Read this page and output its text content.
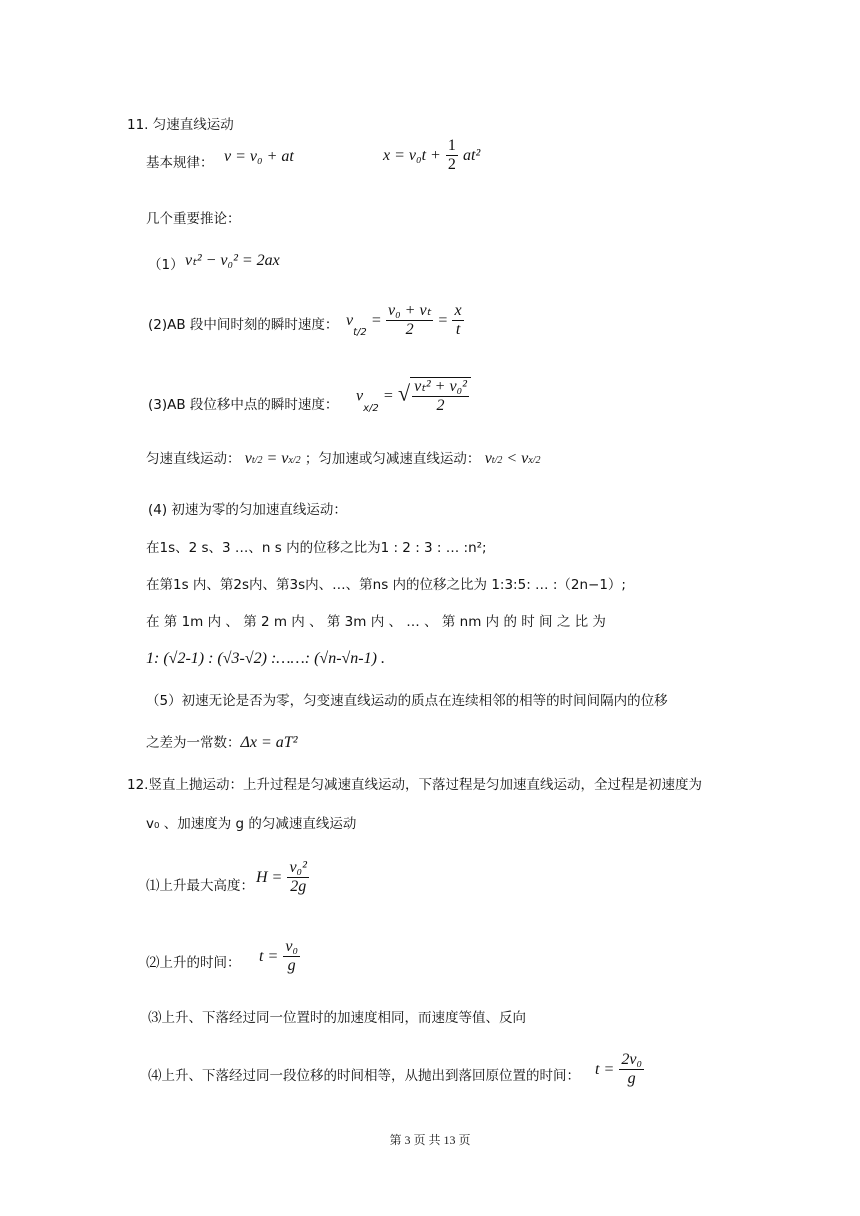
11. 匀速直线运动
基本规律： v = v₀ + at	$x = v_0t + \frac{1}{2} at^2$
几个重要推论：
（1） vₜ² − v₀² = 2ax
(2)AB 段中间时刻的瞬时速度： $v_{t/2} = \frac{\text{v₀ + vₜ}}{2} = \frac{x}{t}$
(3)AB 段位移中点的瞬时速度：
$v_{x/2}$ = √ $\frac{\text{vₜ² + v₀²}}{2}$
匀速直线运动： vt/2 = vx/2 ；匀加速或匀减速直线运动： vt/2 < vx/2
(4) 初速为零的匀加速直线运动：
在1s、2 s、3 …、n s 内的位移之比为1 : 2 : 3 : … :n²;
在第1s 内、第2s内、第3s内、…、第ns 内的位移之比为 1:3:5: … :（2n−1）;
在 第 1m 内 、 第 2 m 内 、 第 3m 内 、 … 、 第 nm 内 的 时 间 之 比 为
1: (√2-1) : (√3-√2) :……: (√n-√n-1) .
（5）初速无论是否为零，匀变速直线运动的质点在连续相邻的相等的时间间隔内的位移
之差为一常数：Δx = aT²
12.竖直上抛运动：上升过程是匀减速直线运动，下落过程是匀加速直线运动，全过程是初速度为
v₀ 、加速度为 g 的匀减速直线运动
⑴上升最大高度： $H = \frac{\text{v₀²}}{2g}$
⑵上升的时间： $t = \frac{\text{v₀}}{g}$
⑶上升、下落经过同一位置时的加速度相同，而速度等值、反向
⑷上升、下落经过同一段位移的时间相等，从抛出到落回原位置的时间： $t = \frac{\text{2v₀}}{g}$
第 3 页 共 13 页
